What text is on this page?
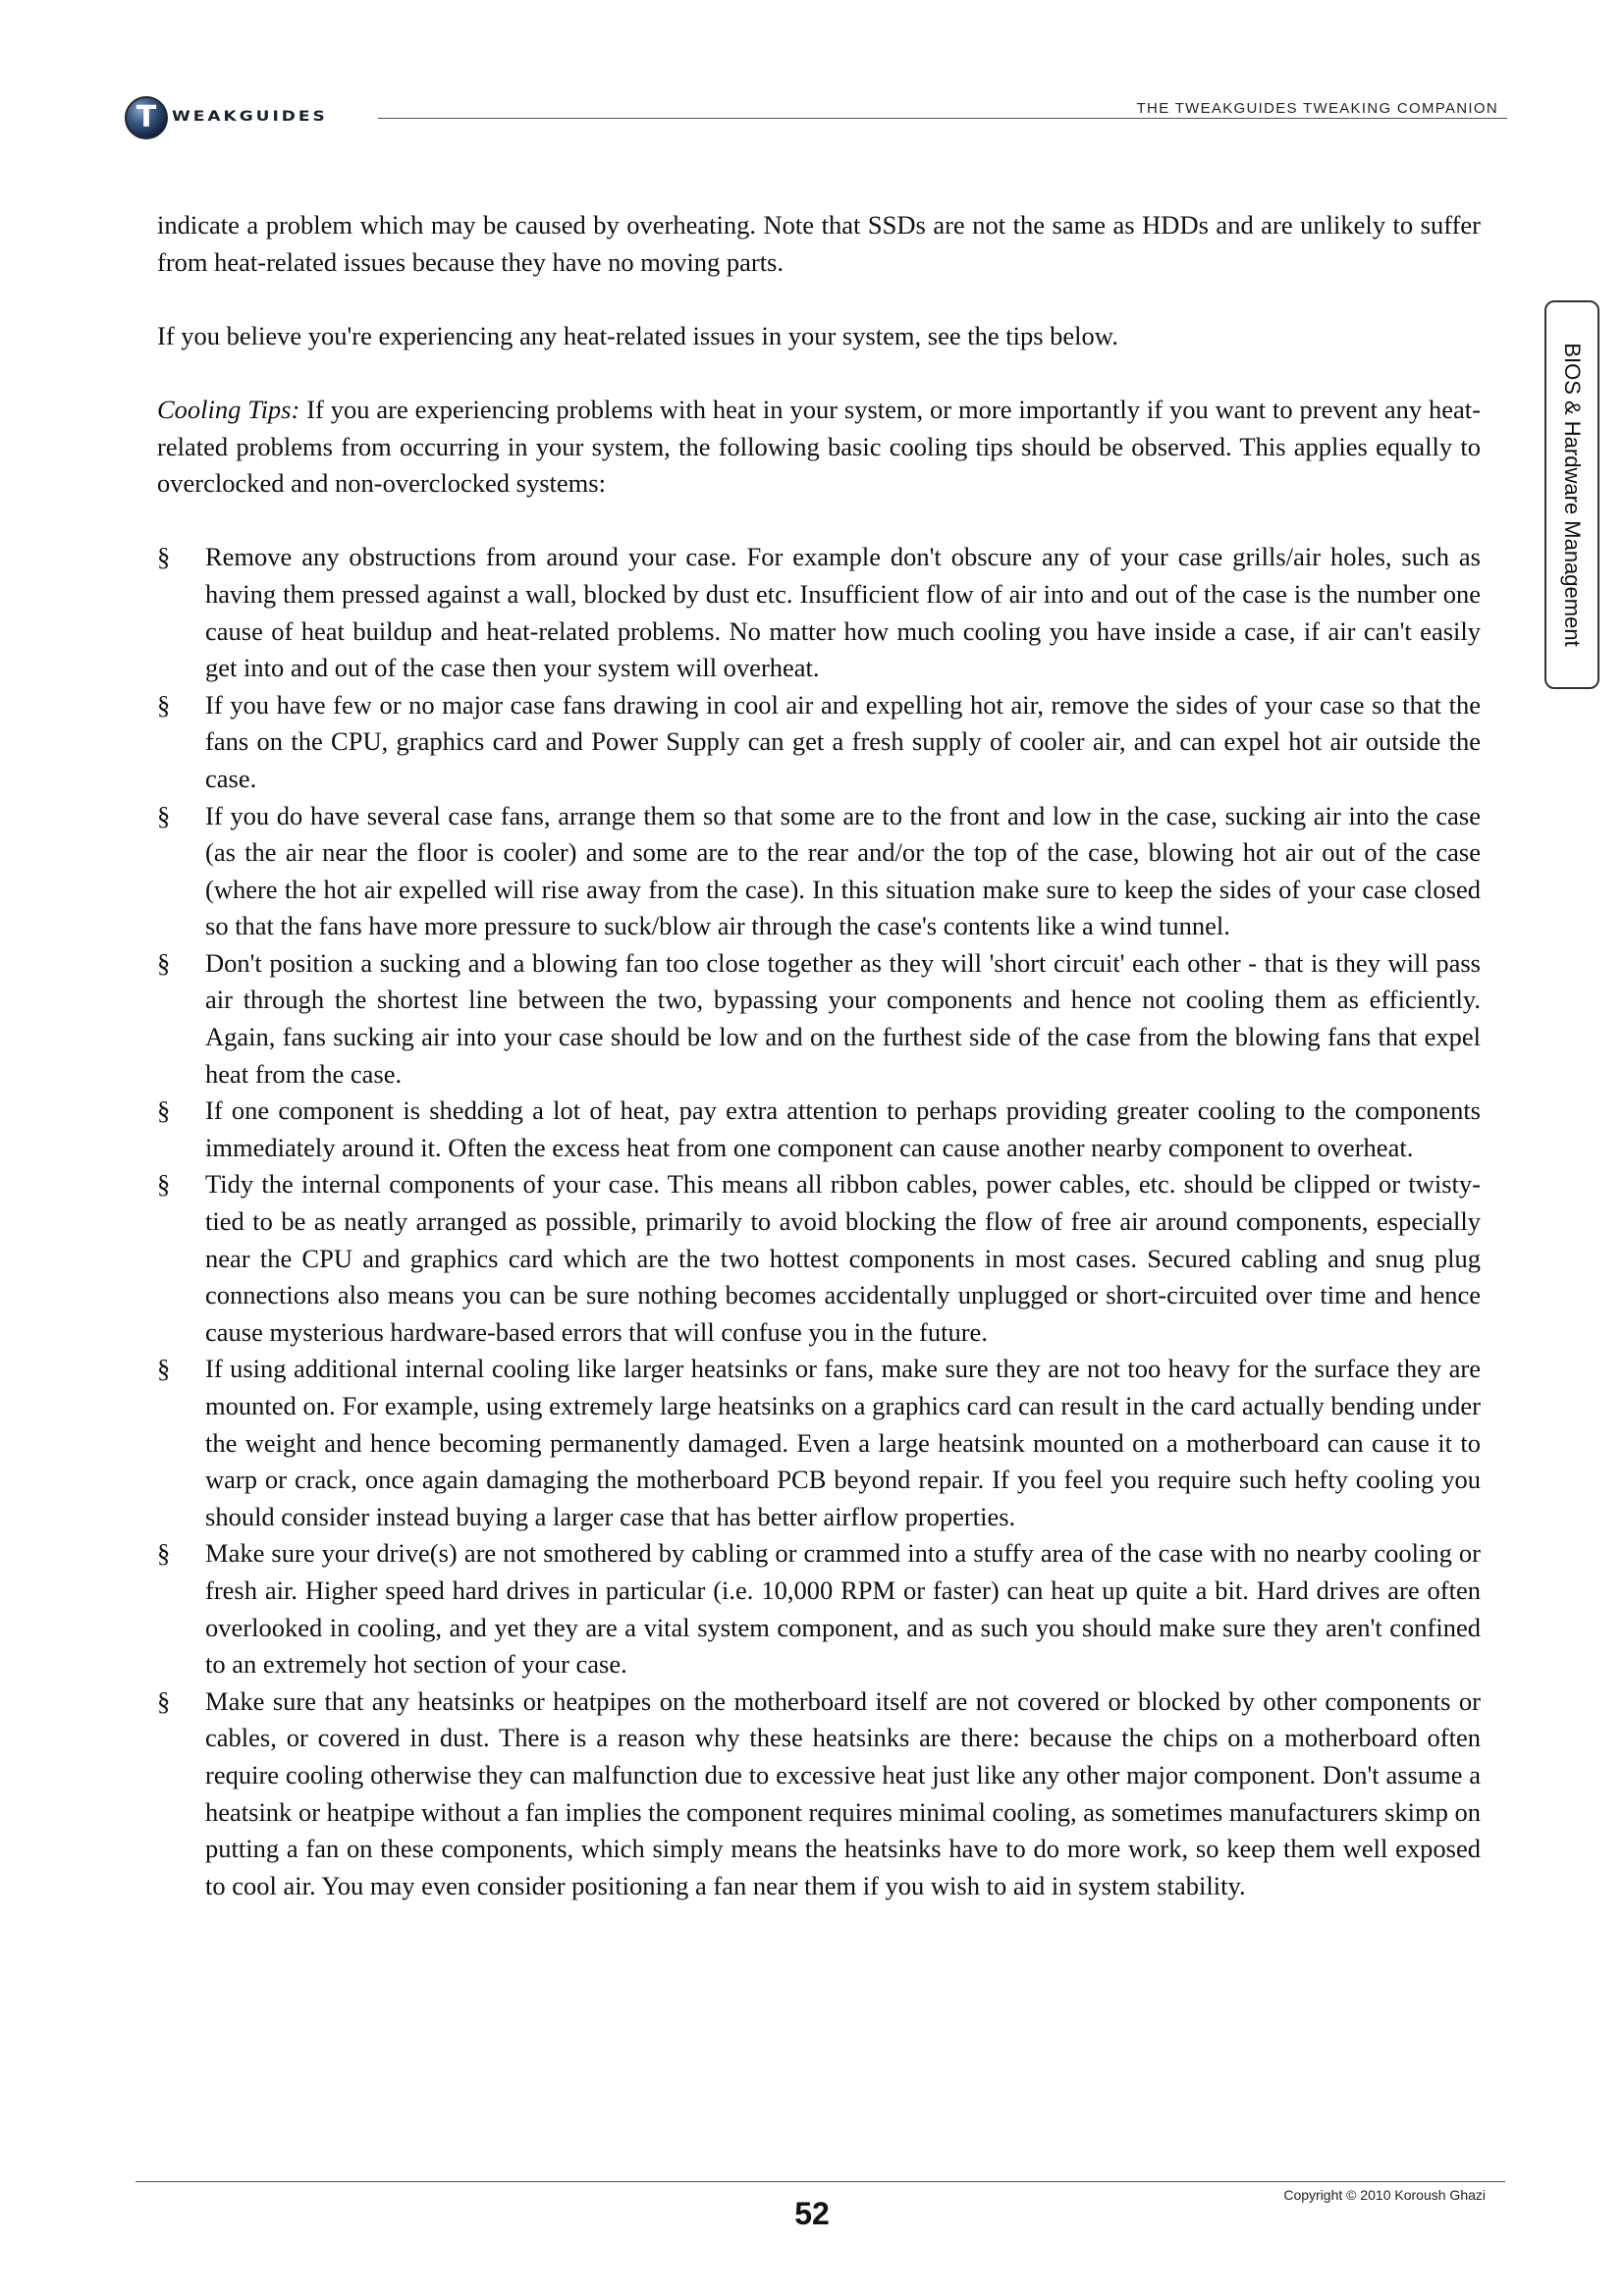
T WEAKGUIDES	THE TWEAKGUIDES TWEAKING COMPANION
BIOS & Hardware Management

indicate a problem which may be caused by overheating. Note that SSDs are not the same as HDDs and are unlikely to suffer from heat-related issues because they have no moving parts.

If you believe you're experiencing any heat-related issues in your system, see the tips below.

Cooling Tips: If you are experiencing problems with heat in your system, or more importantly if you want to prevent any heat-related problems from occurring in your system, the following basic cooling tips should be observed. This applies equally to overclocked and non-overclocked systems:

§ Remove any obstructions from around your case. For example don't obscure any of your case grills/air holes, such as having them pressed against a wall, blocked by dust etc. Insufficient flow of air into and out of the case is the number one cause of heat buildup and heat-related problems. No matter how much cooling you have inside a case, if air can't easily get into and out of the case then your system will overheat.
§ If you have few or no major case fans drawing in cool air and expelling hot air, remove the sides of your case so that the fans on the CPU, graphics card and Power Supply can get a fresh supply of cooler air, and can expel hot air outside the case.
§ If you do have several case fans, arrange them so that some are to the front and low in the case, sucking air into the case (as the air near the floor is cooler) and some are to the rear and/or the top of the case, blowing hot air out of the case (where the hot air expelled will rise away from the case). In this situation make sure to keep the sides of your case closed so that the fans have more pressure to suck/blow air through the case's contents like a wind tunnel.
§ Don't position a sucking and a blowing fan too close together as they will 'short circuit' each other - that is they will pass air through the shortest line between the two, bypassing your components and hence not cooling them as efficiently. Again, fans sucking air into your case should be low and on the furthest side of the case from the blowing fans that expel heat from the case.
§ If one component is shedding a lot of heat, pay extra attention to perhaps providing greater cooling to the components immediately around it. Often the excess heat from one component can cause another nearby component to overheat.
§ Tidy the internal components of your case. This means all ribbon cables, power cables, etc. should be clipped or twisty-tied to be as neatly arranged as possible, primarily to avoid blocking the flow of free air around components, especially near the CPU and graphics card which are the two hottest components in most cases. Secured cabling and snug plug connections also means you can be sure nothing becomes accidentally unplugged or short-circuited over time and hence cause mysterious hardware-based errors that will confuse you in the future.
§ If using additional internal cooling like larger heatsinks or fans, make sure they are not too heavy for the surface they are mounted on. For example, using extremely large heatsinks on a graphics card can result in the card actually bending under the weight and hence becoming permanently damaged. Even a large heatsink mounted on a motherboard can cause it to warp or crack, once again damaging the motherboard PCB beyond repair. If you feel you require such hefty cooling you should consider instead buying a larger case that has better airflow properties.
§ Make sure your drive(s) are not smothered by cabling or crammed into a stuffy area of the case with no nearby cooling or fresh air. Higher speed hard drives in particular (i.e. 10,000 RPM or faster) can heat up quite a bit. Hard drives are often overlooked in cooling, and yet they are a vital system component, and as such you should make sure they aren't confined to an extremely hot section of your case.
§ Make sure that any heatsinks or heatpipes on the motherboard itself are not covered or blocked by other components or cables, or covered in dust. There is a reason why these heatsinks are there: because the chips on a motherboard often require cooling otherwise they can malfunction due to excessive heat just like any other major component. Don't assume a heatsink or heatpipe without a fan implies the component requires minimal cooling, as sometimes manufacturers skimp on putting a fan on these components, which simply means the heatsinks have to do more work, so keep them well exposed to cool air. You may even consider positioning a fan near them if you wish to aid in system stability.
Copyright © 2010 Koroush Ghazi
52
